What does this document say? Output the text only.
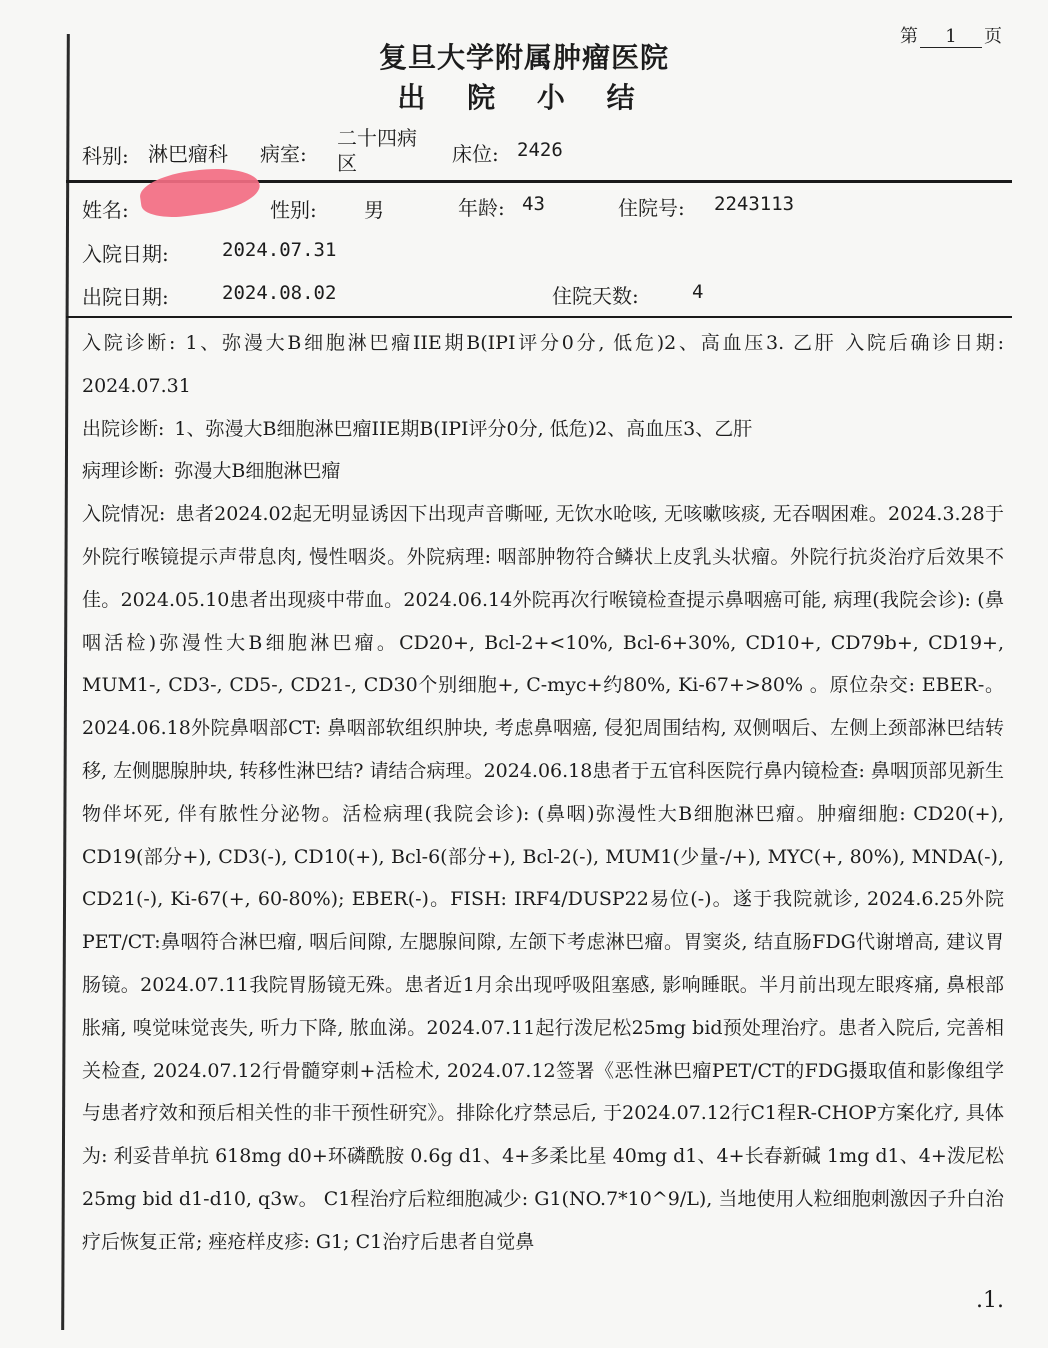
第 1 页
复旦大学附属肿瘤医院
出 院 小 结
科别: 淋巴瘤科 病室:
二十四病区	床位: 2426
姓名:	性别: 男	年龄: 43	住院号: 2243113
入院日期:	2024.07.31
出院日期:	2024.08.02	住院天数:	4

入院诊断: 1、弥漫大B细胞淋巴瘤IIE期B(IPI评分0分, 低危)2、高血压3. 乙肝 入院后确诊日期: 2024.07.31

出院诊断: 1、弥漫大B细胞淋巴瘤IIE期B(IPI评分0分, 低危)2、高血压3、乙肝

病理诊断: 弥漫大B细胞淋巴瘤

入院情况: 患者2024.02起无明显诱因下出现声音嘶哑, 无饮水呛咳, 无咳嗽咳痰, 无吞咽困难。2024.3.28于外院行喉镜提示声带息肉, 慢性咽炎。外院病理: 咽部肿物符合鳞状上皮乳头状瘤。外院行抗炎治疗后效果不佳。2024.05.10患者出现痰中带血。2024.06.14外院再次行喉镜检查提示鼻咽癌可能, 病理(我院会诊): (鼻咽活检)弥漫性大B细胞淋巴瘤。CD20+, Bcl-2+<10%, Bcl-6+30%, CD10+, CD79b+, CD19+, MUM1-, CD3-, CD5-, CD21-, CD30个别细胞+, C-myc+约80%, Ki-67+>80% 。原位杂交: EBER-。2024.06.18外院鼻咽部CT: 鼻咽部软组织肿块, 考虑鼻咽癌, 侵犯周围结构, 双侧咽后、左侧上颈部淋巴结转移, 左侧腮腺肿块, 转移性淋巴结? 请结合病理。2024.06.18患者于五官科医院行鼻内镜检查: 鼻咽顶部见新生物伴坏死, 伴有脓性分泌物。活检病理(我院会诊): (鼻咽)弥漫性大B细胞淋巴瘤。肿瘤细胞: CD20(+), CD19(部分+), CD3(-), CD10(+), Bcl-6(部分+), Bcl-2(-), MUM1(少量-/+), MYC(+, 80%), MNDA(-), CD21(-), Ki-67(+, 60-80%); EBER(-)。FISH: IRF4/DUSP22易位(-)。遂于我院就诊, 2024.6.25外院PET/CT:鼻咽符合淋巴瘤, 咽后间隙, 左腮腺间隙, 左颌下考虑淋巴瘤。胃窦炎, 结直肠FDG代谢增高, 建议胃肠镜。2024.07.11我院胃肠镜无殊。患者近1月余出现呼吸阻塞感, 影响睡眠。半月前出现左眼疼痛, 鼻根部胀痛, 嗅觉味觉丧失, 听力下降, 脓血涕。2024.07.11起行泼尼松25mg bid预处理治疗。患者入院后, 完善相关检查, 2024.07.12行骨髓穿刺+活检术, 2024.07.12签署《恶性淋巴瘤PET/CT的FDG摄取值和影像组学与患者疗效和预后相关性的非干预性研究》。排除化疗禁忌后, 于2024.07.12行C1程R-CHOP方案化疗, 具体为: 利妥昔单抗 618mg d0+环磷酰胺 0.6g d1、4+多柔比星 40mg d1、4+长春新碱 1mg d1、4+泼尼松 25mg bid d1-d10, q3w。 C1程治疗后粒细胞减少: G1(NO.7*10^9/L), 当地使用人粒细胞刺激因子升白治疗后恢复正常; 痤疮样皮疹: G1; C1治疗后患者自觉鼻

.1.
